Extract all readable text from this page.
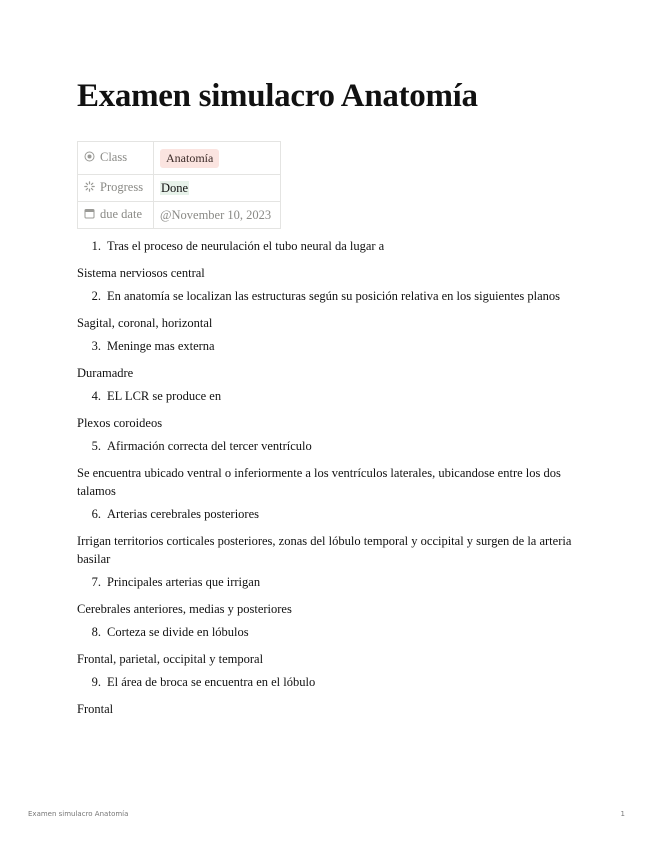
Examen simulacro Anatomía
Class	Anatomía
Progress	Done
due date	@November 10, 2023
1. Tras el proceso de neurulación el tubo neural da lugar a
Sistema nerviosos central
2. En anatomía se localizan las estructuras según su posición relativa en los siguientes planos
Sagital, coronal, horizontal
3. Meninge mas externa
Duramadre
4. EL LCR se produce en
Plexos coroideos
5. Afirmación correcta del tercer ventrículo
Se encuentra ubicado ventral o inferiormente a los ventrículos laterales, ubicandose entre los dos talamos
6. Arterias cerebrales posteriores
Irrigan territorios corticales posteriores, zonas del lóbulo temporal y occipital y surgen de la arteria basilar
7. Principales arterias que irrigan
Cerebrales anteriores, medias y posteriores
8. Corteza se divide en lóbulos
Frontal, parietal, occipital y temporal
9. El área de broca se encuentra en el lóbulo
Frontal
Examen simulacro Anatomía	1
